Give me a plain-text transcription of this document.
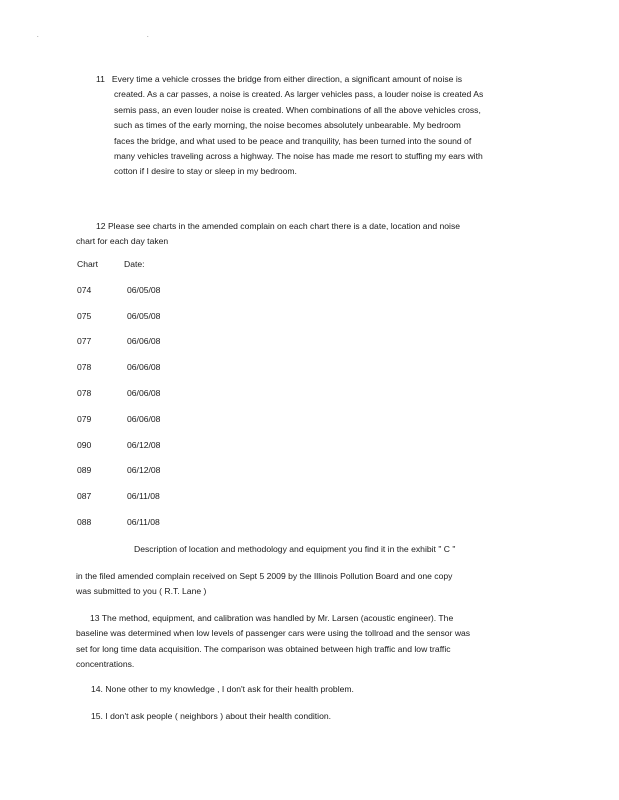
.	.
11 Every time a vehicle crosses the bridge from either direction, a significant amount of noise is
created. As a car passes, a noise is created. As larger vehicles pass, a louder noise is created As
semis pass, an even louder noise is created. When combinations of all the above vehicles cross,
such as times of the early morning, the noise becomes absolutely unbearable. My bedroom
faces the bridge, and what used to be peace and tranquility, has been turned into the sound of
many vehicles traveling across a highway. The noise has made me resort to stuffing my ears with
cotton if I desire to stay or sleep in my bedroom.
12 Please see charts in the amended complain on each chart there is a date, location and noise
chart for each day taken
Chart	Date:
074	06/05/08
075	06/05/08
077	06/06/08
078	06/06/08
078	06/06/08
079	06/06/08
090	06/12/08
089	06/12/08
087	06/11/08
088	06/11/08
Description of location and methodology and equipment you find it in the exhibit " C "
in the filed amended complain received on Sept 5 2009 by the Illinois Pollution Board and one copy
was submitted to you ( R.T. Lane )
13 The method, equipment, and calibration was handled by Mr. Larsen (acoustic engineer). The
baseline was determined when low levels of passenger cars were using the tollroad and the sensor was
set for long time data acquisition. The comparison was obtained between high traffic and low traffic
concentrations.
14. None other to my knowledge , I don't ask for their health problem.
15. I don't ask people ( neighbors ) about their health condition.
